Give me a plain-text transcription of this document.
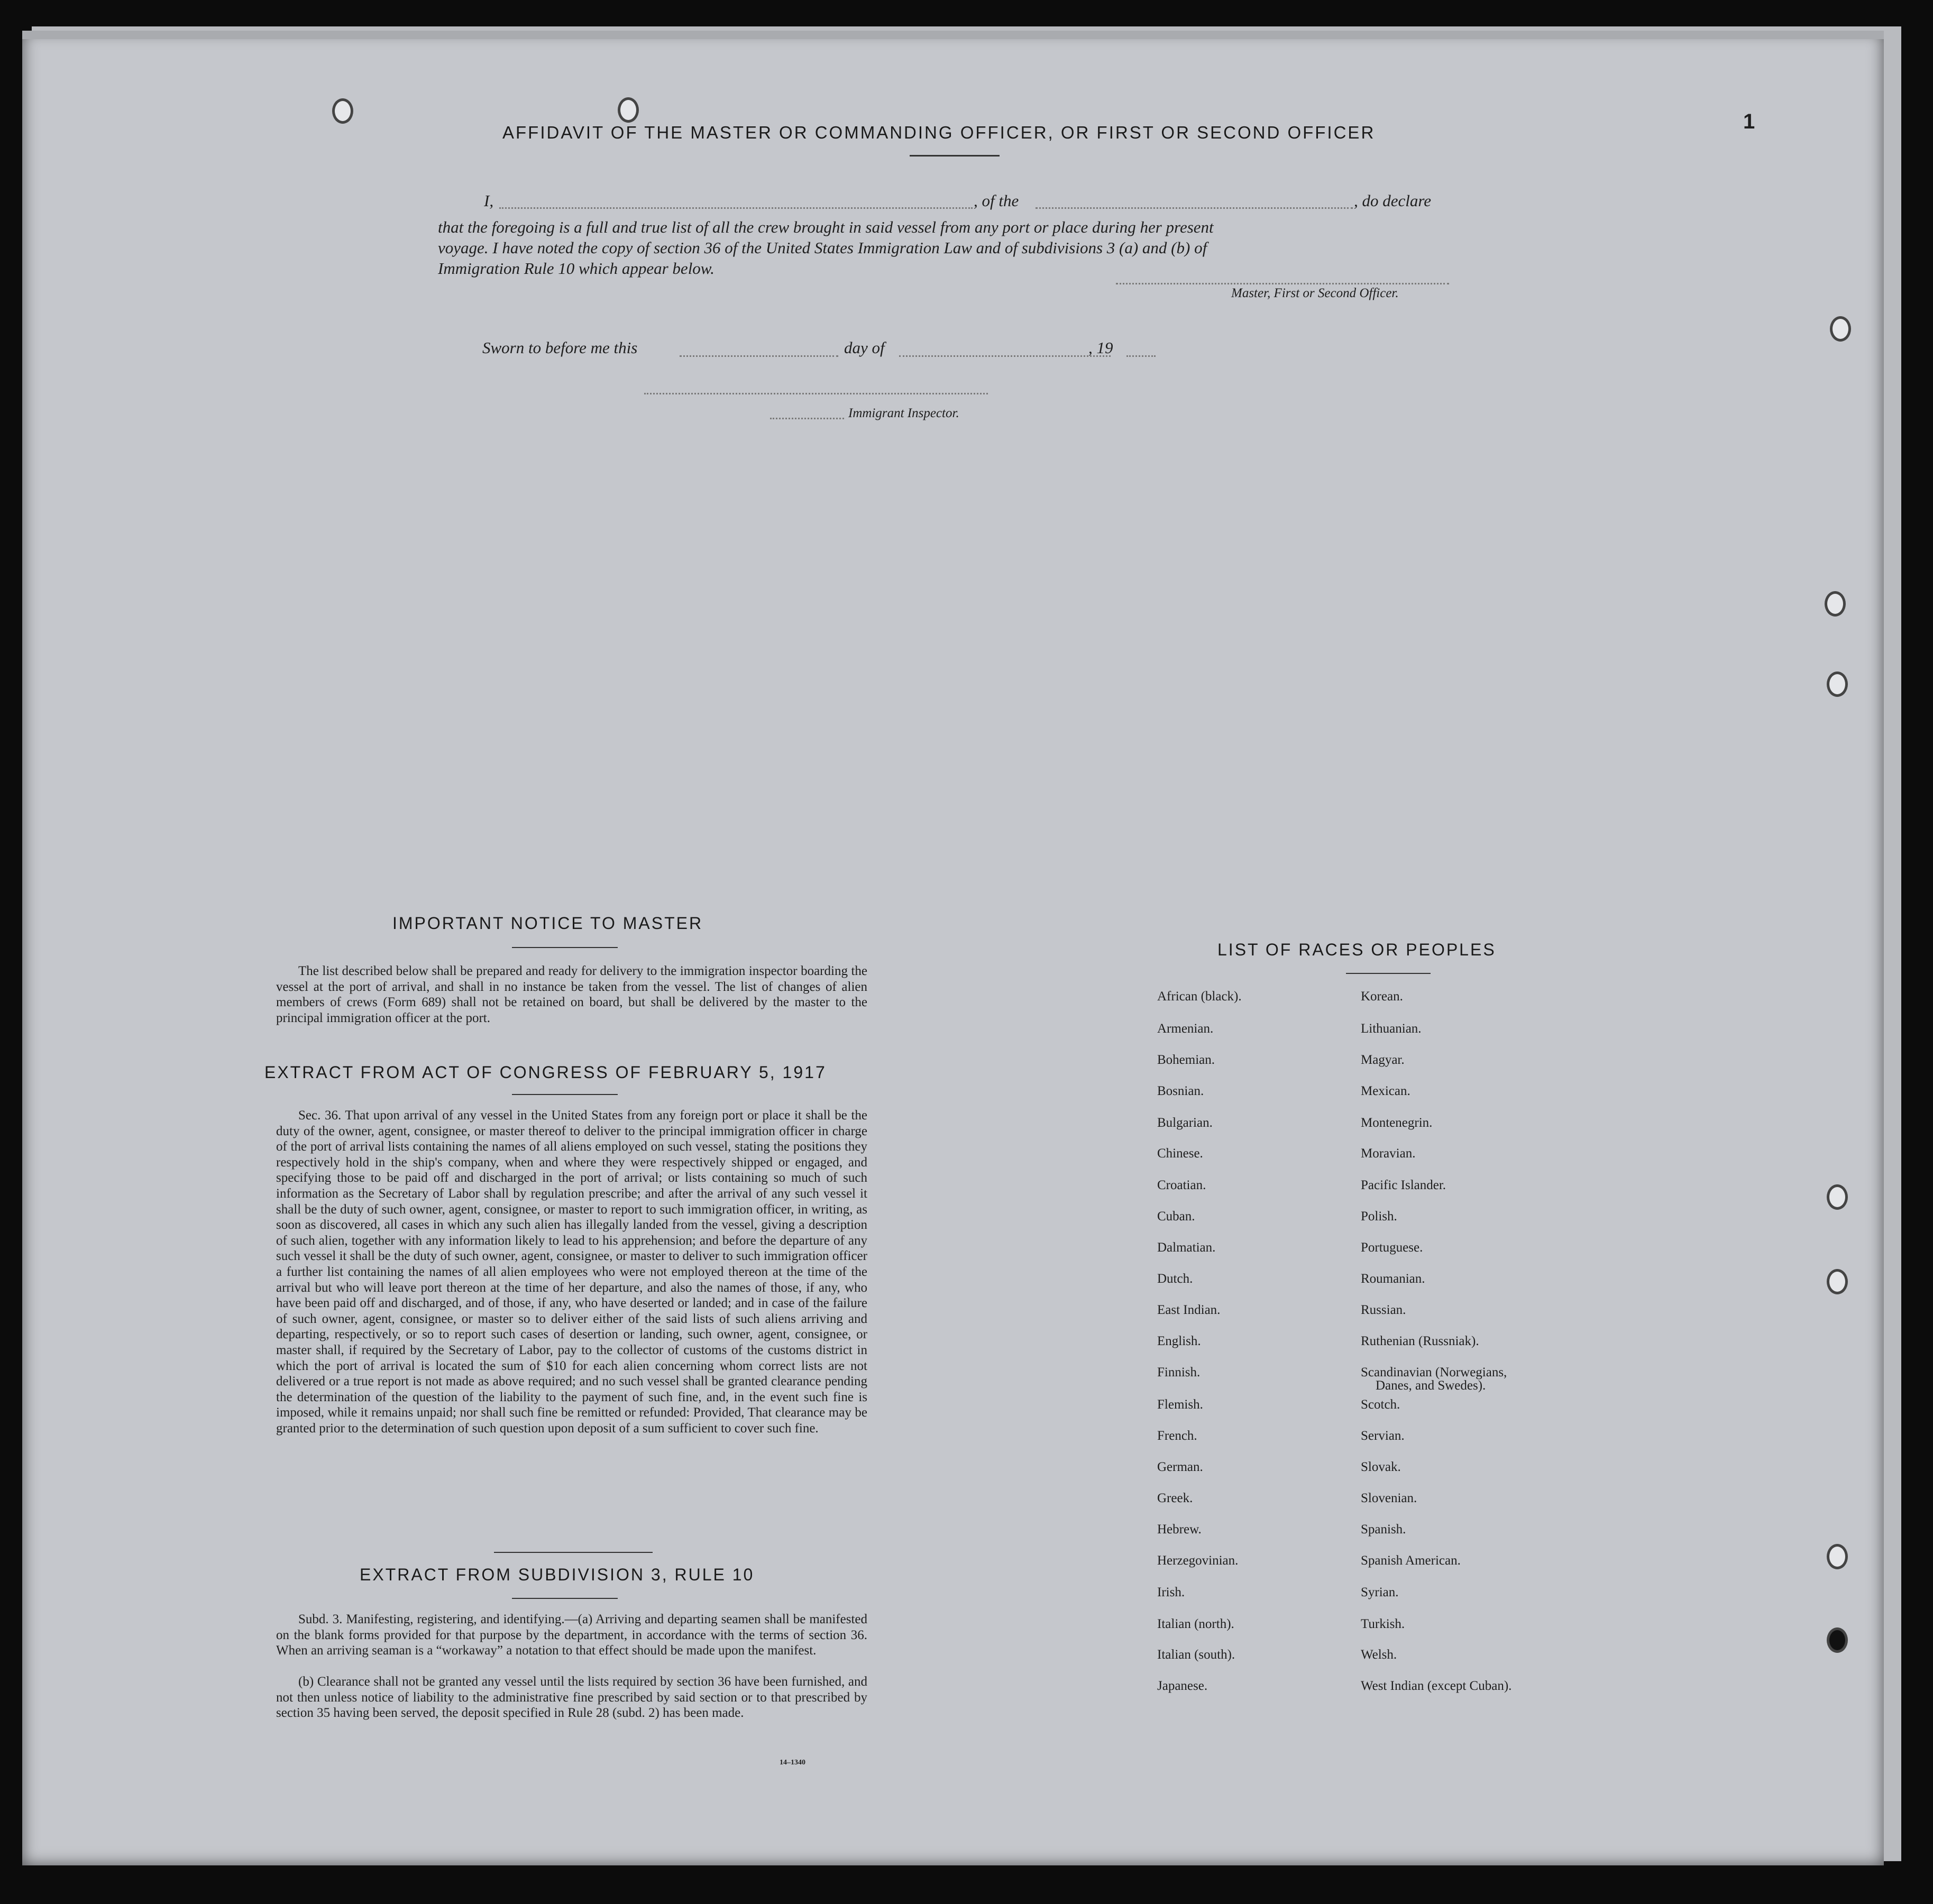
1
AFFIDAVIT OF THE MASTER OR COMMANDING OFFICER, OR FIRST OR SECOND OFFICER
I,	, of the	, do declare
that the foregoing is a full and true list of all the crew brought in said vessel from any port or place during her present
voyage. I have noted the copy of section 36 of the United States Immigration Law and of subdivisions 3 (a) and (b) of
Immigration Rule 10 which appear below.
Master, First or Second Officer.
Sworn to before me this	day of	, 19
Immigrant Inspector.
IMPORTANT NOTICE TO MASTER
The list described below shall be prepared and ready for delivery to the immigration inspector boarding the vessel at the port of arrival, and shall in no instance be taken from the vessel. The list of changes of alien members of crews (Form 689) shall not be retained on board, but shall be delivered by the master to the principal immigration officer at the port.
EXTRACT FROM ACT OF CONGRESS OF FEBRUARY 5, 1917
Sec. 36. That upon arrival of any vessel in the United States from any foreign port or place it shall be the duty of the owner, agent, consignee, or master thereof to deliver to the principal immigration officer in charge of the port of arrival lists containing the names of all aliens employed on such vessel, stating the positions they respectively hold in the ship's company, when and where they were respectively shipped or engaged, and specifying those to be paid off and discharged in the port of arrival; or lists containing so much of such information as the Secretary of Labor shall by regulation prescribe; and after the arrival of any such vessel it shall be the duty of such owner, agent, consignee, or master to report to such immigration officer, in writing, as soon as discovered, all cases in which any such alien has illegally landed from the vessel, giving a description of such alien, together with any information likely to lead to his apprehension; and before the departure of any such vessel it shall be the duty of such owner, agent, consignee, or master to deliver to such immigration officer a further list containing the names of all alien employees who were not employed thereon at the time of the arrival but who will leave port thereon at the time of her departure, and also the names of those, if any, who have been paid off and discharged, and of those, if any, who have deserted or landed; and in case of the failure of such owner, agent, consignee, or master so to deliver either of the said lists of such aliens arriving and departing, respectively, or so to report such cases of desertion or landing, such owner, agent, consignee, or master shall, if required by the Secretary of Labor, pay to the collector of customs of the customs district in which the port of arrival is located the sum of $10 for each alien concerning whom correct lists are not delivered or a true report is not made as above required; and no such vessel shall be granted clearance pending the determination of the question of the liability to the payment of such fine, and, in the event such fine is imposed, while it remains unpaid; nor shall such fine be remitted or refunded: Provided, That clearance may be granted prior to the determination of such question upon deposit of a sum sufficient to cover such fine.
EXTRACT FROM SUBDIVISION 3, RULE 10
Subd. 3. Manifesting, registering, and identifying.—(a) Arriving and departing seamen shall be manifested on the blank forms provided for that purpose by the department, in accordance with the terms of section 36. When an arriving seaman is a “workaway” a notation to that effect should be made upon the manifest.
(b) Clearance shall not be granted any vessel until the lists required by section 36 have been furnished, and not then unless notice of liability to the administrative fine prescribed by said section or to that prescribed by section 35 having been served, the deposit specified in Rule 28 (subd. 2) has been made.
14–1340
LIST OF RACES OR PEOPLES
African (black).
Armenian.
Bohemian.
Bosnian.
Bulgarian.
Chinese.
Croatian.
Cuban.
Dalmatian.
Dutch.
East Indian.
English.
Finnish.
Flemish.
French.
German.
Greek.
Hebrew.
Herzegovinian.
Irish.
Italian (north).
Italian (south).
Japanese.
Korean.
Lithuanian.
Magyar.
Mexican.
Montenegrin.
Moravian.
Pacific Islander.
Polish.
Portuguese.
Roumanian.
Russian.
Ruthenian (Russniak).
Scandinavian (Norwegians,
Danes, and Swedes).
Scotch.
Servian.
Slovak.
Slovenian.
Spanish.
Spanish American.
Syrian.
Turkish.
Welsh.
West Indian (except Cuban).
